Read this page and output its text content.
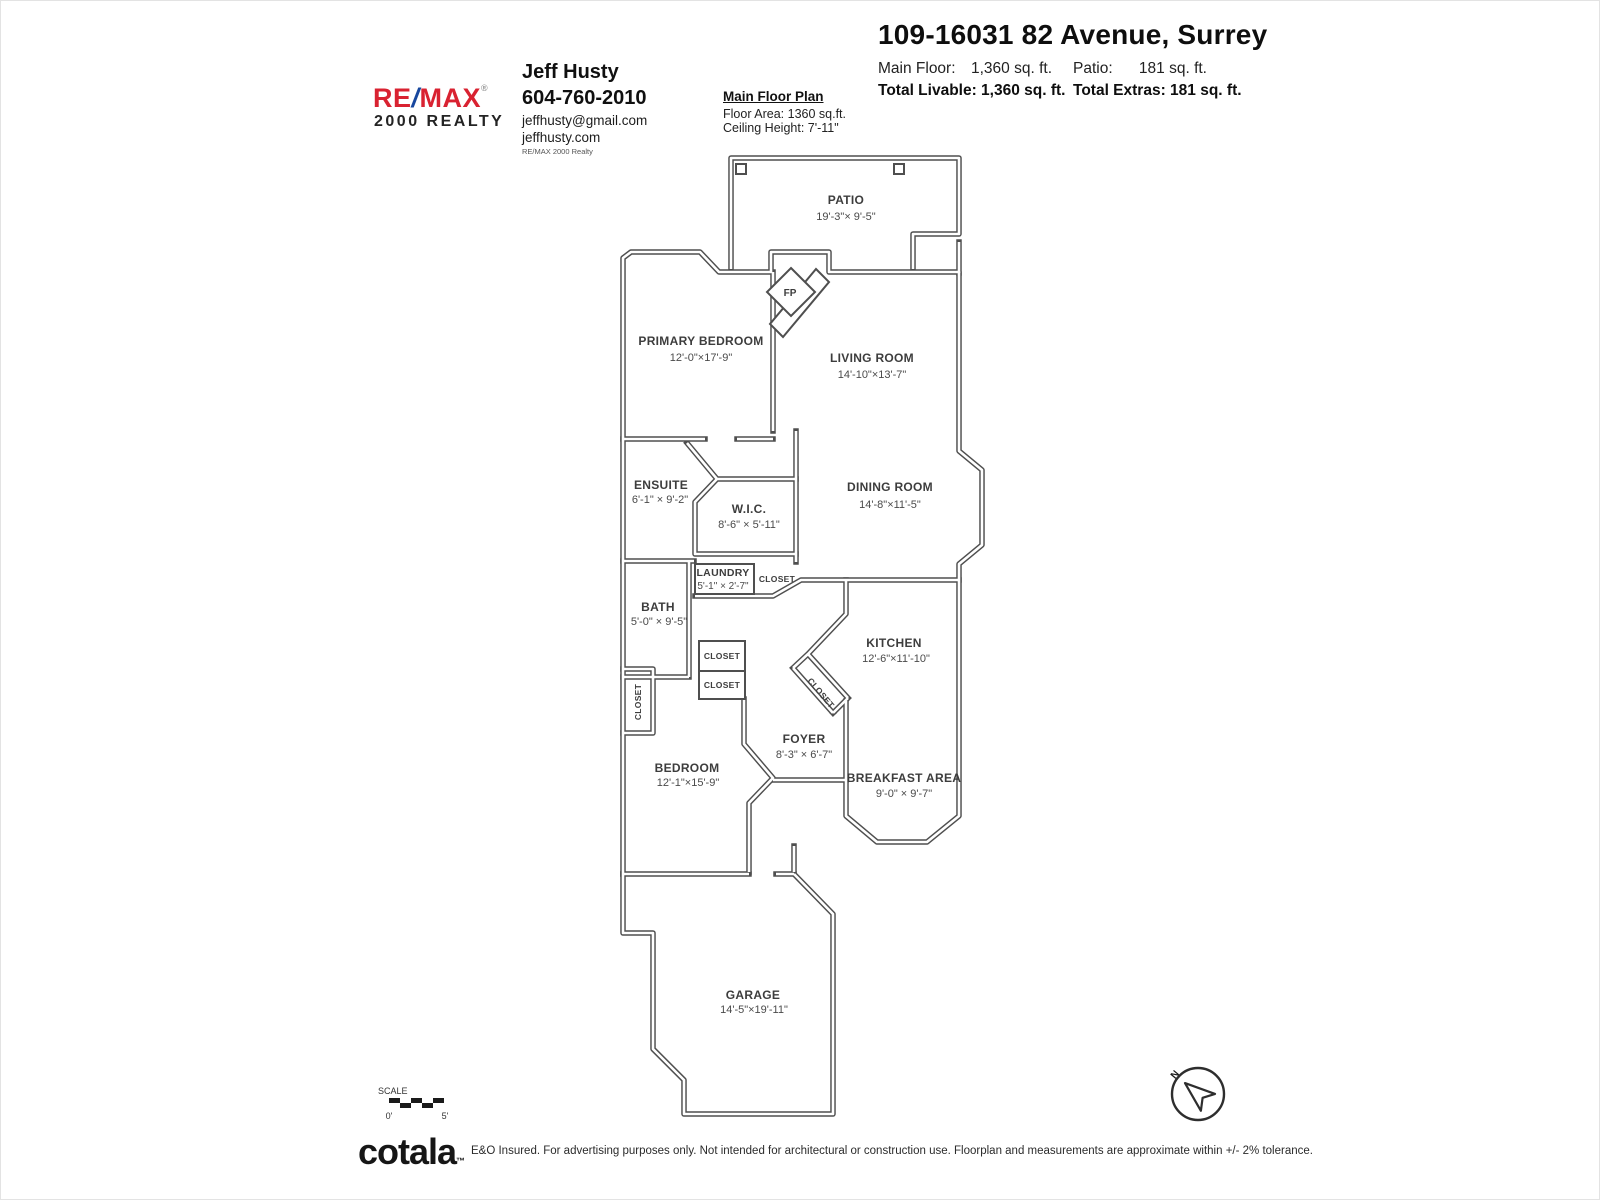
109-16031 82 Avenue, Surrey
Main Floor: 1,360 sq. ft. Patio: 181 sq. ft.
Total Livable: 1,360 sq. ft. Total Extras: 181 sq. ft.
RE/MAX®
2000 REALTY
Jeff Husty
604-760-2010
jeffhusty@gmail.com
jeffhusty.com
RE/MAX 2000 Realty
Main Floor Plan
Floor Area: 1360 sq.ft.
Ceiling Height: 7'-11"
PATIO
19'-3"× 9'-5"
PRIMARY BEDROOM
12'-0"×17'-9"	LIVING ROOM
14'-10"×13'-7"
DINING ROOM
14'-8"×11'-5"
ENSUITE
6'-1" × 9'-2"
W.I.C.
8'-6" × 5'-11"
LAUNDRY
5'-1" × 2'-7"
BATH
5'-0" × 9'-5"
KITCHEN
12'-6"×11'-10"
FOYER
8'-3" × 6'-7"
BEDROOM
12'-1"×15'-9"	BREAKFAST AREA
9'-0" × 9'-7"
GARAGE
14'-5"×19'-11"
CLOSET
CLOSET
CLOSET
CLOSET	CLOSET
FP
SCALE
0'	5'
N
cotala™
E&O Insured. For advertising purposes only. Not intended for architectural or construction use. Floorplan and measurements are approximate within +/- 2% tolerance.
